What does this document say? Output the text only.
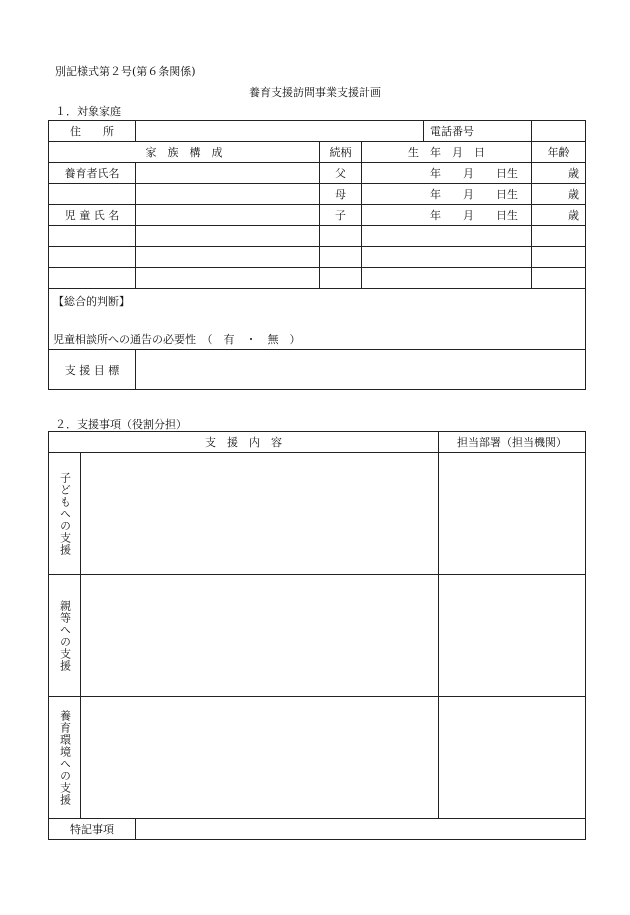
別記様式第２号(第６条関係)
養育支援訪問事業支援計画
１．対象家庭
住　　所				電話番号	
家　族　構　成		続柄	生　年　月　日		年齢
養育者氏名		父	年 月 日生		歳
		母	年 月 日生		歳
児 童 氏 名		子	年 月 日生		歳

【総合的判断】
児童相談所への通告の必要性　（　有　・　無　）					

支 援 目 標					
２．支援事項（役割分担）
支　援　内　容			担当部署（担当機関）

子どもへの支援			

親等への支援			

養育環境への支援			

特記事項			
